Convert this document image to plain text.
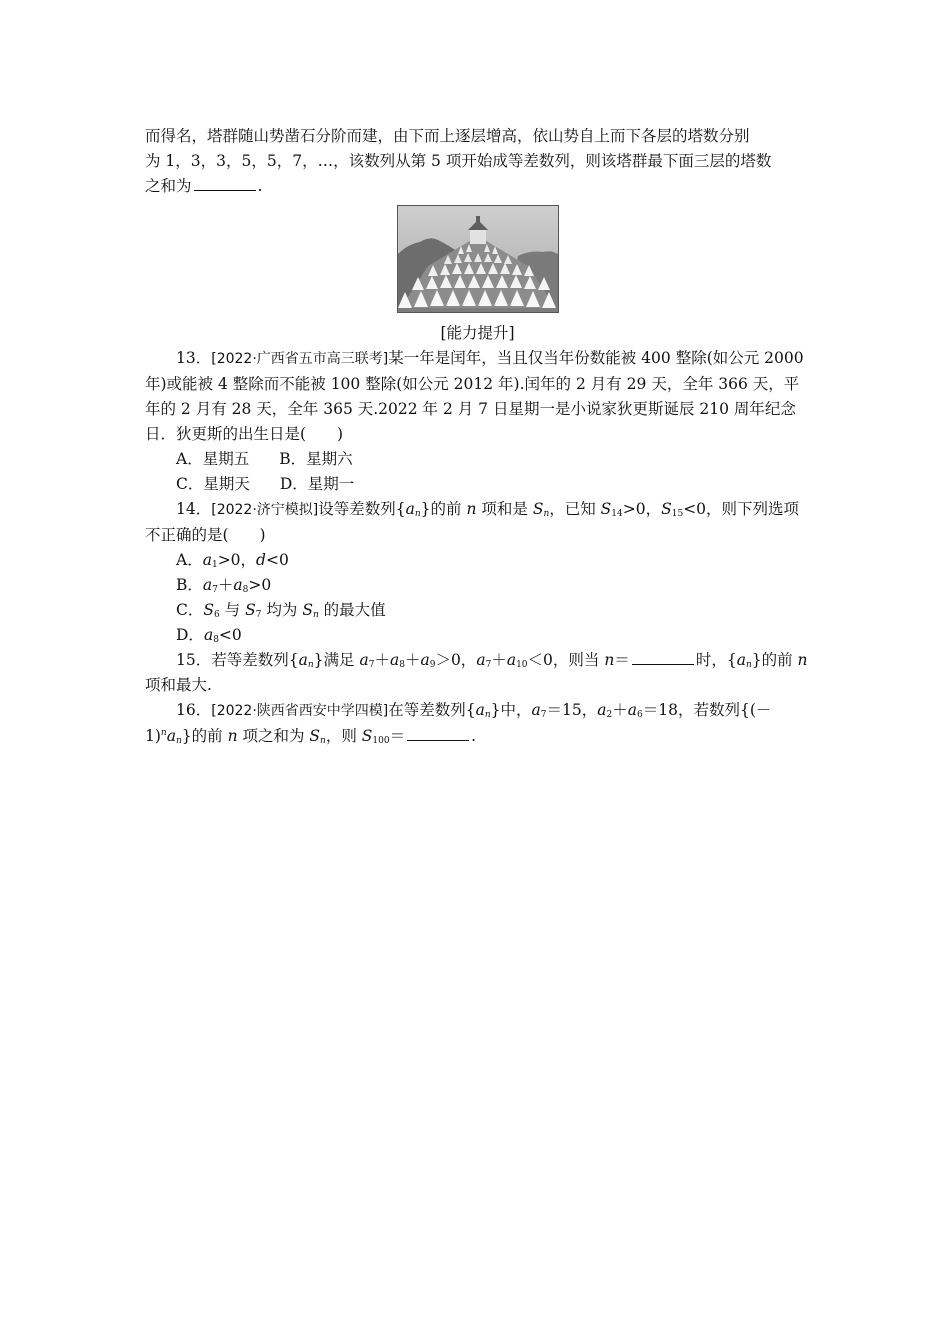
而得名，塔群随山势凿石分阶而建，由下而上逐层增高，依山势自上而下各层的塔数分别
为 1，3，3，5，5，7，…，该数列从第 5 项开始成等差数列，则该塔群最下面三层的塔数
之和为	.

[能力提升]

13．[2022·广西省五市高三联考]某一年是闰年，当且仅当年份数能被 400 整除(如公元 2000 年)或能被 4 整除而不能被 100 整除(如公元 2012 年).闰年的 2 月有 29 天，全年 366 天，平年的 2 月有 28 天，全年 365 天.2022 年 2 月 7 日星期一是小说家狄更斯诞辰 210 周年纪念日．狄更斯的出生日是(　　)

A．星期五 B．星期六

C．星期天 D．星期一

14．[2022·济宁模拟]设等差数列$\{a_n\}$的前 n 项和是 $S_n$，已知 $S_{14}>0$，$S_{15}<0$，则下列选项不正确的是(　　)

A．$a_1>0$，d<0

B．$a_7+a_8>0$

C．$S_6$ 与 $S_7$ 均为 $S_n$ 的最大值

D．$a_8<0$

15．若等差数列$\{a_n\}$满足 $a_7+a_8+a_9>0$，$a_7+a_{10}<0$，则当 n＝	时，$\{a_n\}$的前 n
项和最大.

16．[2022·陕西省西安中学四模]在等差数列$\{a_n\}$中，$a_7=15$，$a_2+a_6=18$，若数列$\{(-1)^na_n\}$的前 n 项之和为 $S_n$，则 $S_{100}=$	.
